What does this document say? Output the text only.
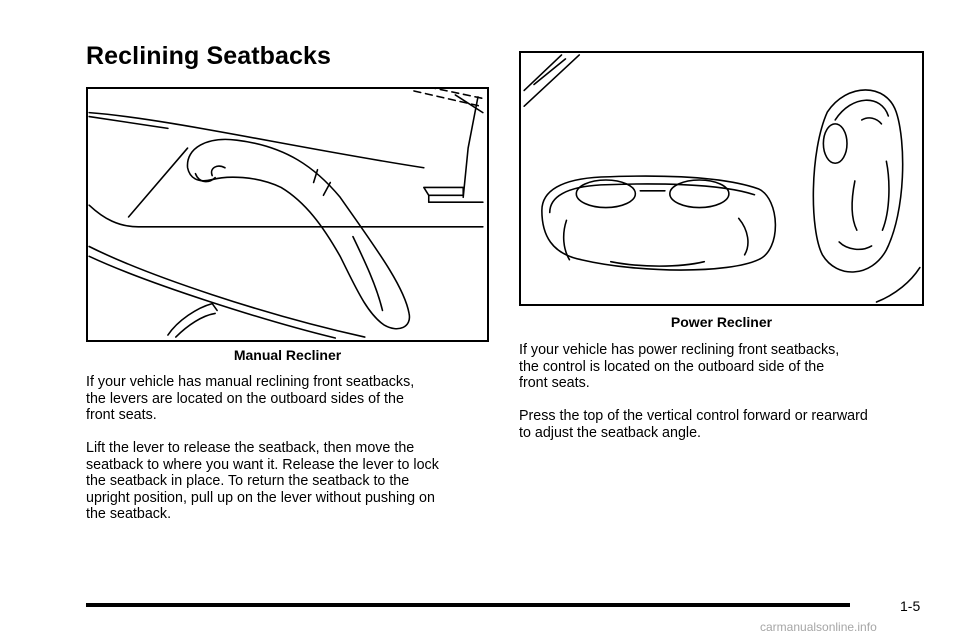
Reclining Seatbacks
Manual Recliner
Power Recliner

If your vehicle has manual reclining front seatbacks,
the levers are located on the outboard sides of the
front seats.

Lift the lever to release the seatback, then move the
seatback to where you want it. Release the lever to lock
the seatback in place. To return the seatback to the
upright position, pull up on the lever without pushing on
the seatback.

If your vehicle has power reclining front seatbacks,
the control is located on the outboard side of the
front seats.

Press the top of the vertical control forward or rearward
to adjust the seatback angle.

1-5
carmanualsonline.info
